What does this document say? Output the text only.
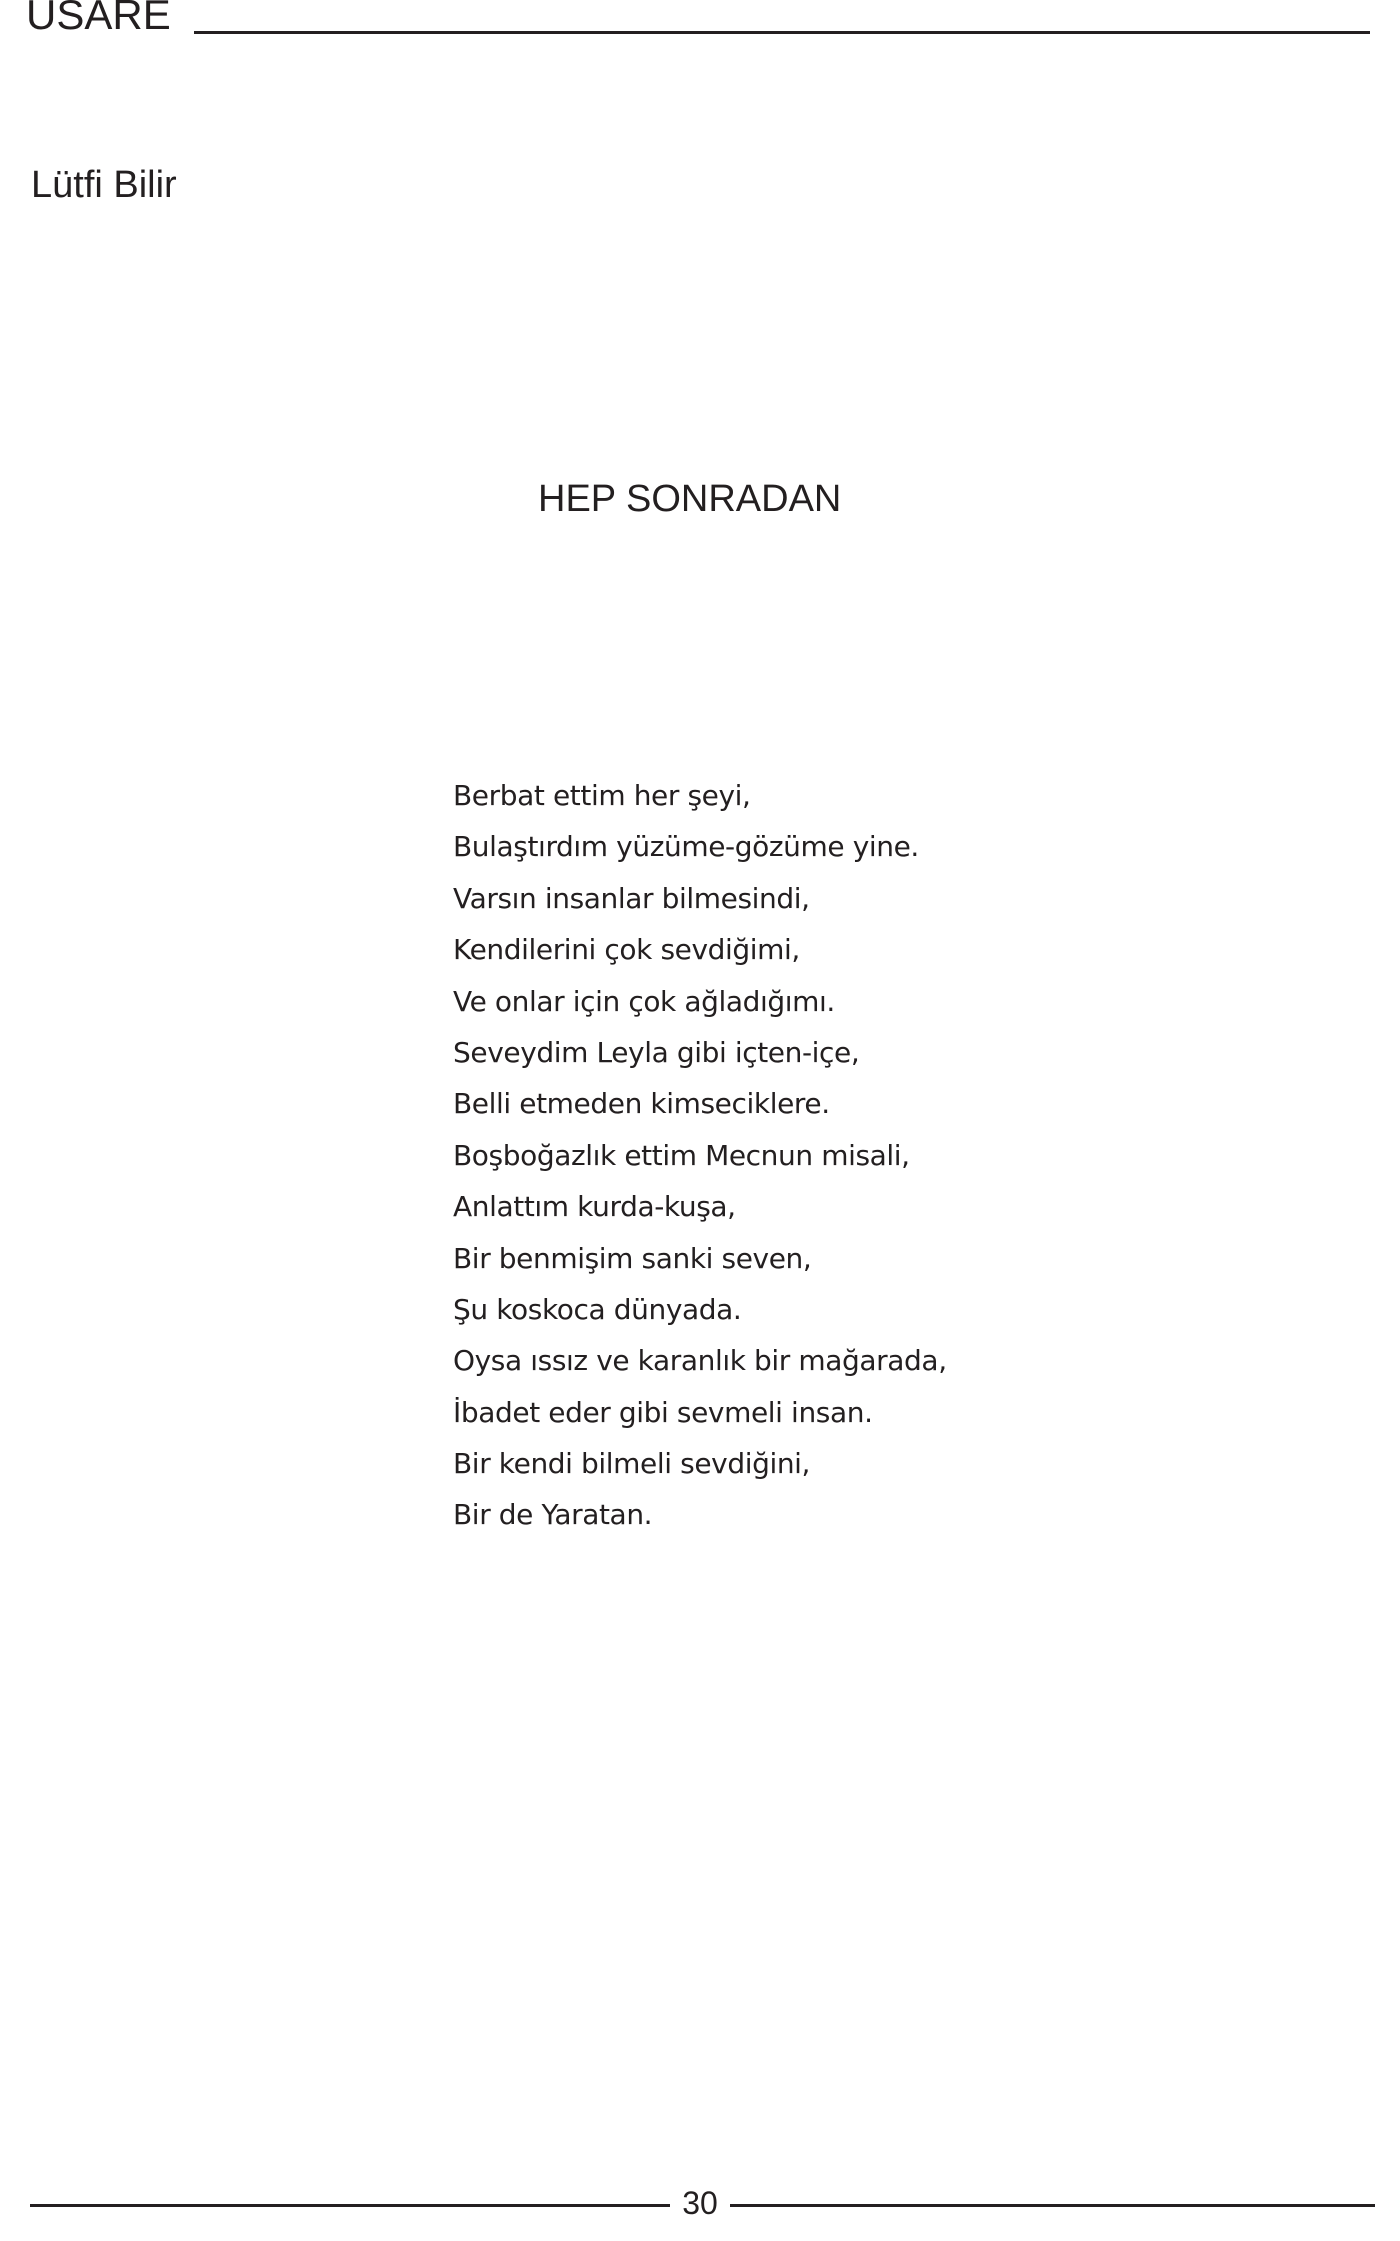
USARE
Lütfi Bilir
HEP SONRADAN
Berbat ettim her şeyi,
Bulaştırdım yüzüme-gözüme yine.
Varsın insanlar bilmesindi,
Kendilerini çok sevdiğimi,
Ve onlar için çok ağladığımı.
Seveydim Leyla gibi içten-içe,
Belli etmeden kimseciklere.
Boşboğazlık ettim Mecnun misali,
Anlattım kurda-kuşa,
Bir benmişim sanki seven,
Şu koskoca dünyada.
Oysa ıssız ve karanlık bir mağarada,
İbadet eder gibi sevmeli insan.
Bir kendi bilmeli sevdiğini,
Bir de Yaratan.
30
